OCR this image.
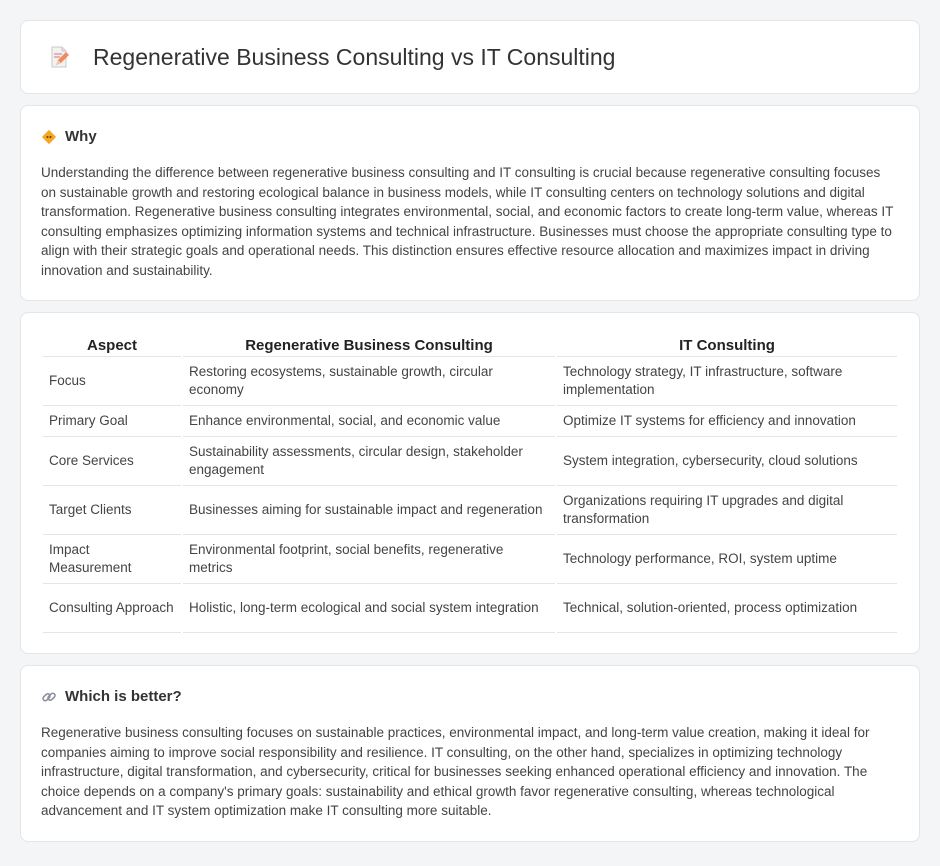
Regenerative Business Consulting vs IT Consulting
Why

Understanding the difference between regenerative business consulting and IT consulting is crucial because regenerative consulting focuses on sustainable growth and restoring ecological balance in business models, while IT consulting centers on technology solutions and digital transformation. Regenerative business consulting integrates environmental, social, and economic factors to create long-term value, whereas IT consulting emphasizes optimizing information systems and technical infrastructure. Businesses must choose the appropriate consulting type to align with their strategic goals and operational needs. This distinction ensures effective resource allocation and maximizes impact in driving innovation and sustainability.

Aspect	Regenerative Business Consulting	IT Consulting
Focus	Restoring ecosystems, sustainable growth, circular economy	Technology strategy, IT infrastructure, software implementation
Primary Goal	Enhance environmental, social, and economic value	Optimize IT systems for efficiency and innovation
Core Services	Sustainability assessments, circular design, stakeholder engagement	System integration, cybersecurity, cloud solutions
Target Clients	Businesses aiming for sustainable impact and regeneration	Organizations requiring IT upgrades and digital transformation
Impact Measurement	Environmental footprint, social benefits, regenerative metrics	Technology performance, ROI, system uptime
Consulting Approach	Holistic, long-term ecological and social system integration	Technical, solution-oriented, process optimization
Which is better?

Regenerative business consulting focuses on sustainable practices, environmental impact, and long-term value creation, making it ideal for companies aiming to improve social responsibility and resilience. IT consulting, on the other hand, specializes in optimizing technology infrastructure, digital transformation, and cybersecurity, critical for businesses seeking enhanced operational efficiency and innovation. The choice depends on a company's primary goals: sustainability and ethical growth favor regenerative consulting, whereas technological advancement and IT system optimization make IT consulting more suitable.
